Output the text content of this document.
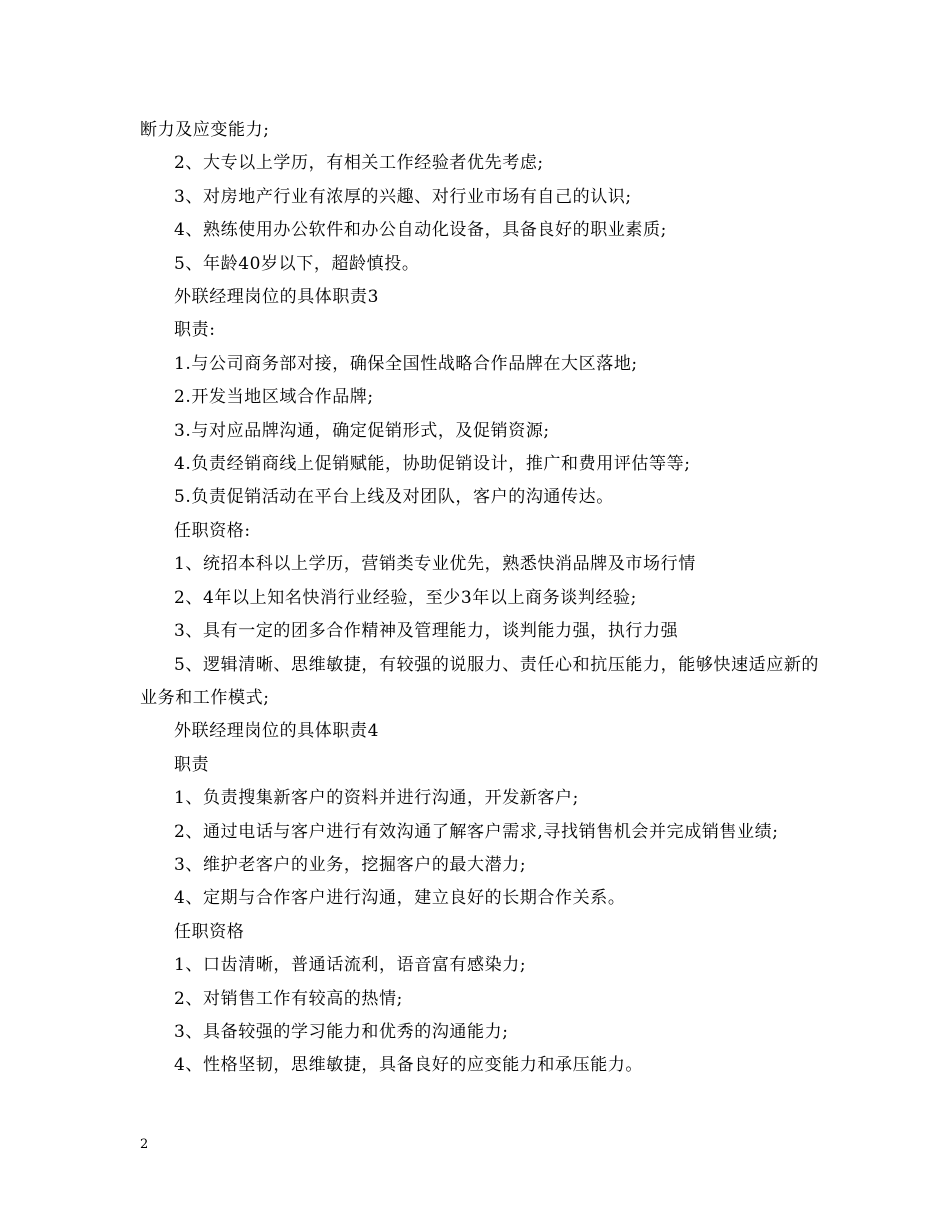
断力及应变能力;

2、大专以上学历，有相关工作经验者优先考虑;

3、对房地产行业有浓厚的兴趣、对行业市场有自己的认识;

4、熟练使用办公软件和办公自动化设备，具备良好的职业素质;

5、年龄40岁以下，超龄慎投。

外联经理岗位的具体职责3

职责:

1.与公司商务部对接，确保全国性战略合作品牌在大区落地;

2.开发当地区域合作品牌;

3.与对应品牌沟通，确定促销形式，及促销资源;

4.负责经销商线上促销赋能，协助促销设计，推广和费用评估等等;

5.负责促销活动在平台上线及对团队，客户的沟通传达。

任职资格:

1、统招本科以上学历，营销类专业优先，熟悉快消品牌及市场行情

2、4年以上知名快消行业经验，至少3年以上商务谈判经验;

3、具有一定的团多合作精神及管理能力，谈判能力强，执行力强

5、逻辑清晰、思维敏捷，有较强的说服力、责任心和抗压能力，能够快速适应新的业务和工作模式;

外联经理岗位的具体职责4

职责

1、负责搜集新客户的资料并进行沟通，开发新客户;

2、通过电话与客户进行有效沟通了解客户需求,寻找销售机会并完成销售业绩;

3、维护老客户的业务，挖掘客户的最大潜力;

4、定期与合作客户进行沟通，建立良好的长期合作关系。

任职资格

1、口齿清晰，普通话流利，语音富有感染力;

2、对销售工作有较高的热情;

3、具备较强的学习能力和优秀的沟通能力;

4、性格坚韧，思维敏捷，具备良好的应变能力和承压能力。

2
